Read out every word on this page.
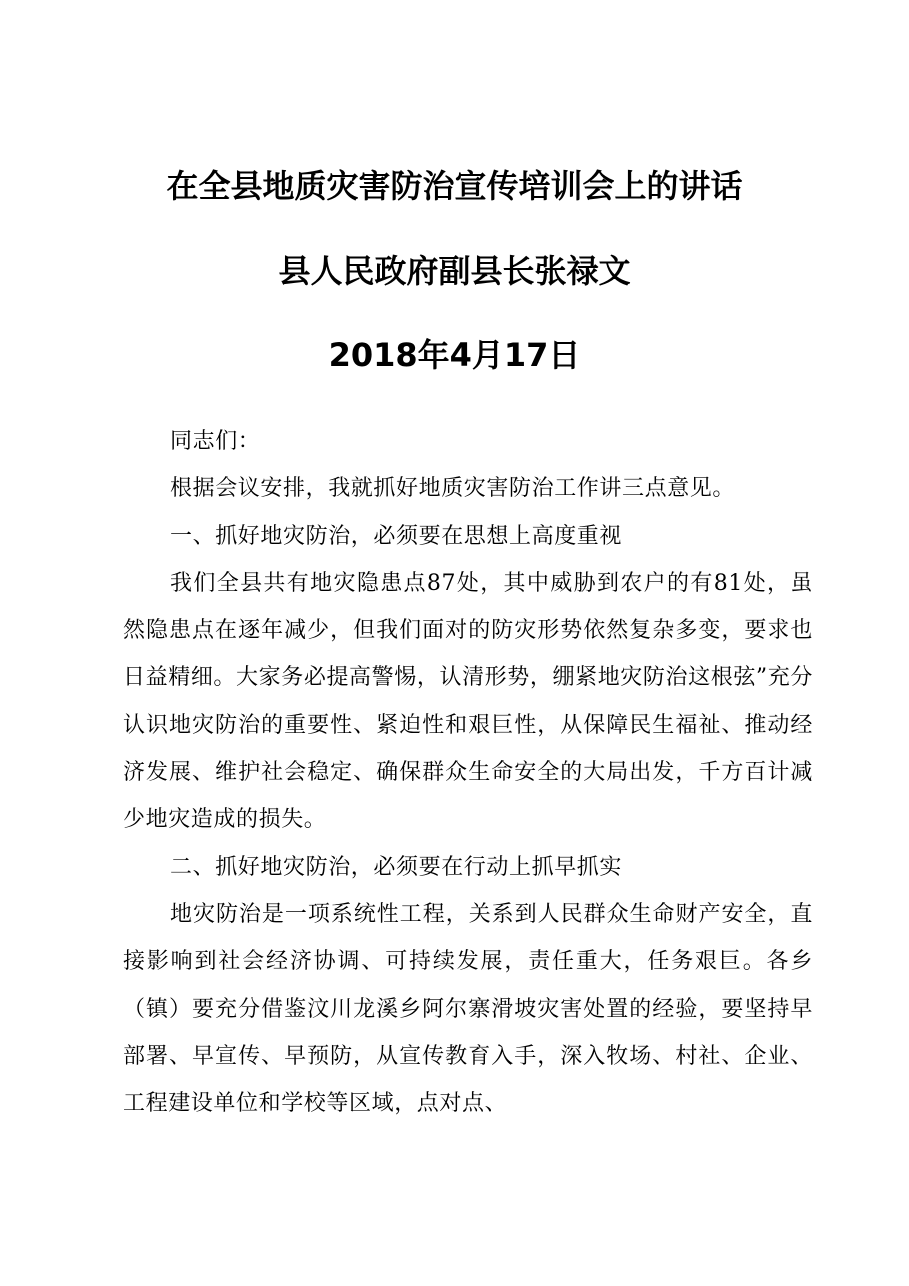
在全县地质灾害防治宣传培训会上的讲话
县人民政府副县长张禄文
2018年4月17日

同志们：

根据会议安排，我就抓好地质灾害防治工作讲三点意见。

一、抓好地灾防治，必须要在思想上高度重视

我们全县共有地灾隐患点87处，其中威胁到农户的有81处，虽然隐患点在逐年减少，但我们面对的防灾形势依然复杂多变，要求也日益精细。大家务必提高警惕，认清形势，绷紧地灾防治这根弦”充分认识地灾防治的重要性、紧迫性和艰巨性，从保障民生福祉、推动经济发展、维护社会稳定、确保群众生命安全的大局出发，千方百计减少地灾造成的损失。

二、抓好地灾防治，必须要在行动上抓早抓实

地灾防治是一项系统性工程，关系到人民群众生命财产安全，直接影响到社会经济协调、可持续发展，责任重大，任务艰巨。各乡（镇）要充分借鉴汶川龙溪乡阿尔寨滑坡灾害处置的经验，要坚持早部署、早宣传、早预防，从宣传教育入手，深入牧场、村社、企业、工程建设单位和学校等区域，点对点、
